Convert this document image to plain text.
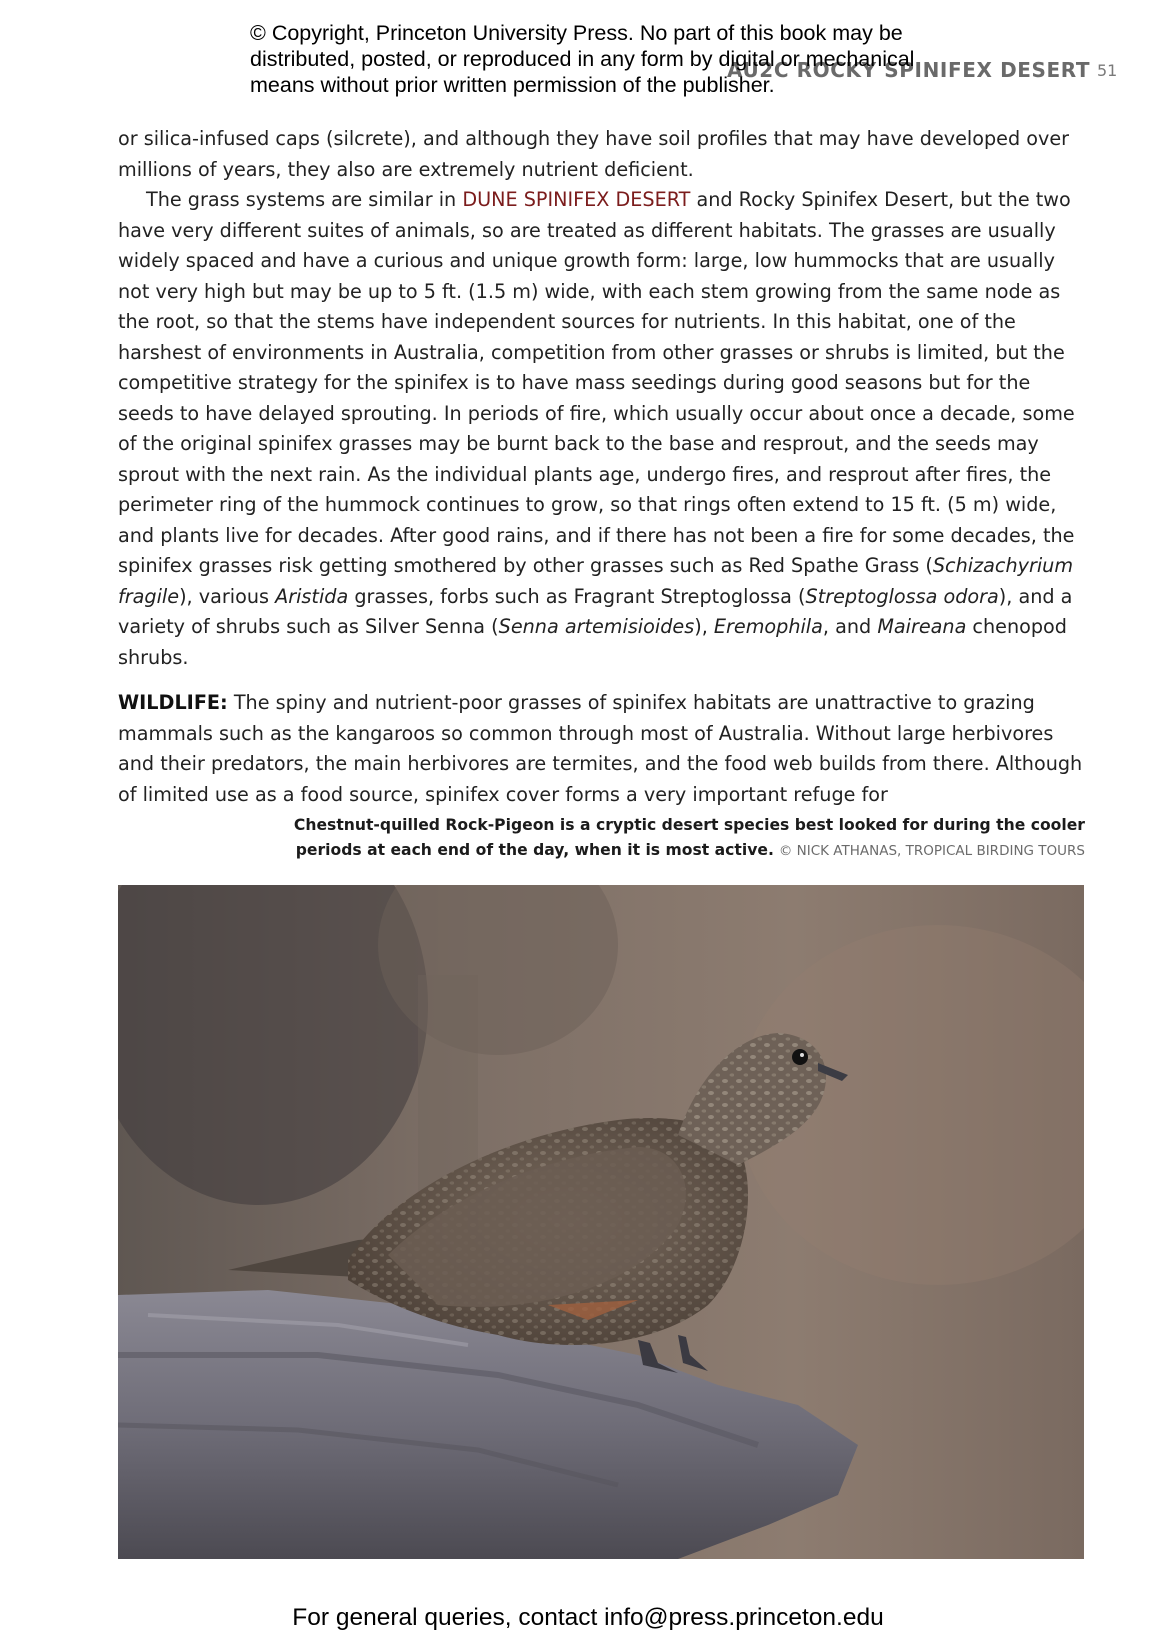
© Copyright, Princeton University Press. No part of this book may be
distributed, posted, or reproduced in any form by digital or mechanical
means without prior written permission of the publisher.
AU2C ROCKY SPINIFEX DESERT 51

or silica-infused caps (silcrete), and although they have soil profiles that may have developed over millions of years, they also are extremely nutrient deficient.

The grass systems are similar in DUNE SPINIFEX DESERT and Rocky Spinifex Desert, but the two have very different suites of animals, so are treated as different habitats. The grasses are usually widely spaced and have a curious and unique growth form: large, low hummocks that are usually not very high but may be up to 5 ft. (1.5 m) wide, with each stem growing from the same node as the root, so that the stems have independent sources for nutrients. In this habitat, one of the harshest of environments in Australia, competition from other grasses or shrubs is limited, but the competitive strategy for the spinifex is to have mass seedings during good seasons but for the seeds to have delayed sprouting. In periods of fire, which usually occur about once a decade, some of the original spinifex grasses may be burnt back to the base and resprout, and the seeds may sprout with the next rain. As the individual plants age, undergo fires, and resprout after fires, the perimeter ring of the hummock continues to grow, so that rings often extend to 15 ft. (5 m) wide, and plants live for decades. After good rains, and if there has not been a fire for some decades, the spinifex grasses risk getting smothered by other grasses such as Red Spathe Grass (Schizachyrium fragile), various Aristida grasses, forbs such as Fragrant Streptoglossa (Streptoglossa odora), and a variety of shrubs such as Silver Senna (Senna artemisioides), Eremophila, and Maireana chenopod shrubs.

WILDLIFE: The spiny and nutrient-poor grasses of spinifex habitats are unattractive to grazing mammals such as the kangaroos so common through most of Australia. Without large herbivores and their predators, the main herbivores are termites, and the food web builds from there. Although of limited use as a food source, spinifex cover forms a very important refuge for

Chestnut-quilled Rock-Pigeon is a cryptic desert species best looked for during the cooler periods at each end of the day, when it is most active. © NICK ATHANAS, TROPICAL BIRDING TOURS
For general queries, contact info@press.princeton.edu
